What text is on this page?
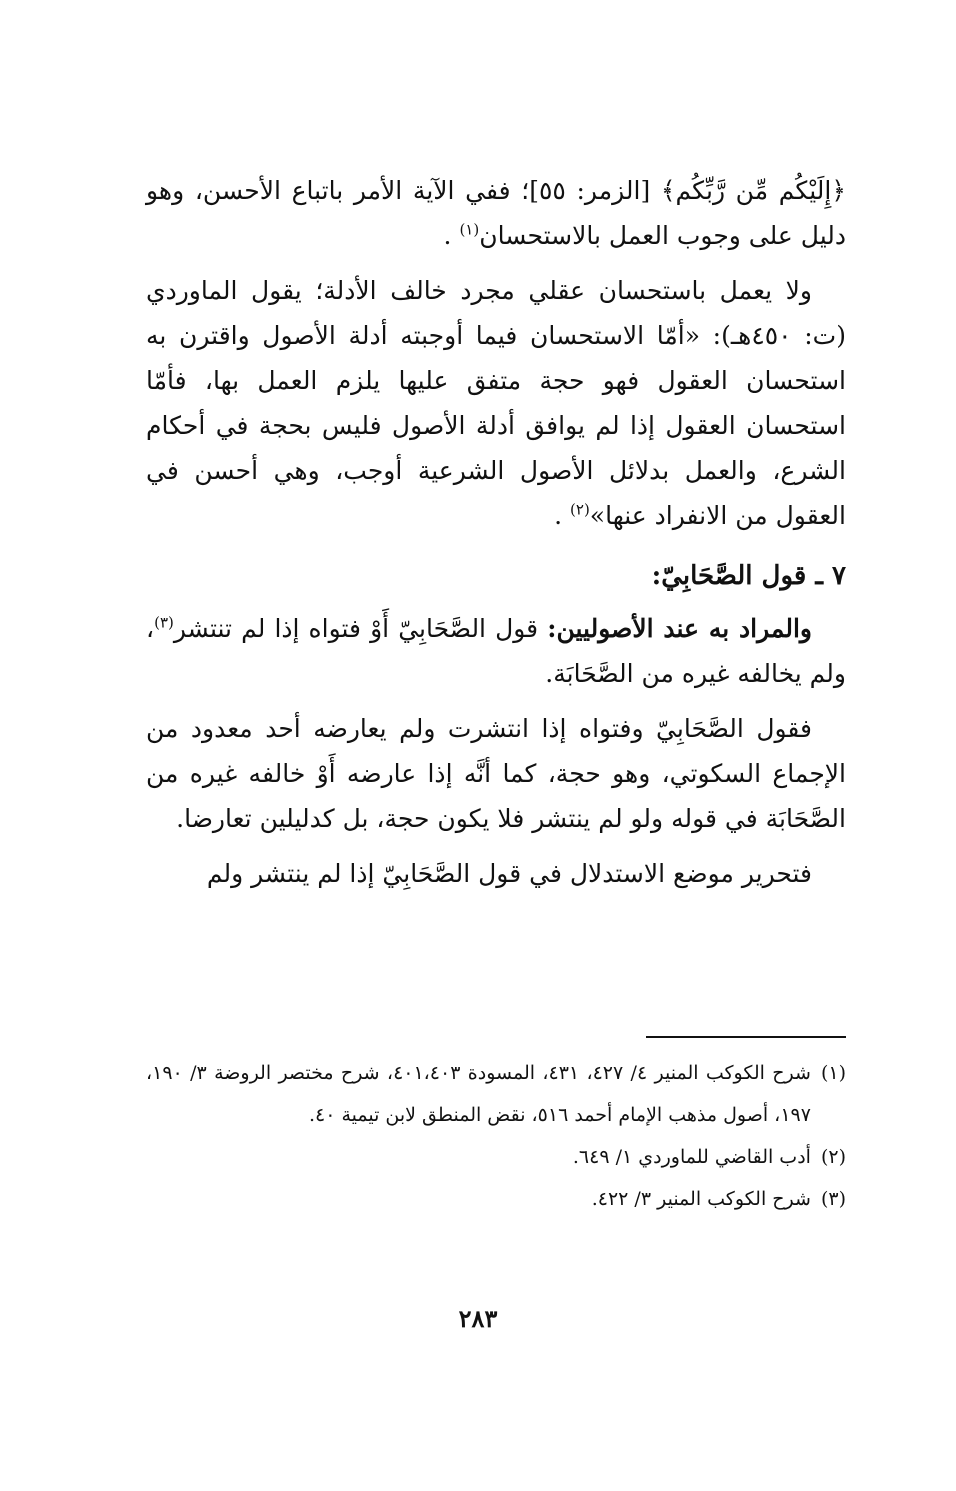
﴿إِلَيْكُم مِّن رَّبِّكُم﴾ [الزمر: ٥٥]؛ ففي الآية الأمر باتباع الأحسن، وهو دليل على وجوب العمل بالاستحسان$^{(١)}$ .

ولا يعمل باستحسان عقلي مجرد خالف الأدلة؛ يقول الماوردي (ت: ٤٥٠هـ): «أمّا الاستحسان فيما أوجبته أدلة الأصول واقترن به استحسان العقول فهو حجة متفق عليها يلزم العمل بها، فأمّا استحسان العقول إذا لم يوافق أدلة الأصول فليس بحجة في أحكام الشرع، والعمل بدلائل الأصول الشرعية أوجب، وهي أحسن في العقول من الانفراد عنها»$^{(٢)}$ .

٧ ـ قول الصَّحَابِيّ:

والمراد به عند الأصوليين: قول الصَّحَابِيّ أَوْ فتواه إذا لم تنتشر$^{(٣)}$، ولم يخالفه غيره من الصَّحَابَة.

فقول الصَّحَابِيّ وفتواه إذا انتشرت ولم يعارضه أحد معدود من الإجماع السكوتي، وهو حجة، كما أنَّه إذا عارضه أَوْ خالفه غيره من الصَّحَابَة في قوله ولو لم ينتشر فلا يكون حجة، بل كدليلين تعارضا.

فتحرير موضع الاستدلال في قول الصَّحَابِيّ إذا لم ينتشر ولم

(١)
شرح الكوكب المنير ٤/ ٤٢٧، ٤٣١، المسودة ٤٠١،٤٠٣، شرح مختصر الروضة ٣/ ١٩٠، ١٩٧، أصول مذهب الإمام أحمد ٥١٦، نقض المنطق لابن تيمية ٤٠.
(٢)
أدب القاضي للماوردي ١/ ٦٤٩.
(٣)
شرح الكوكب المنير ٣/ ٤٢٢.
٢٨٣
